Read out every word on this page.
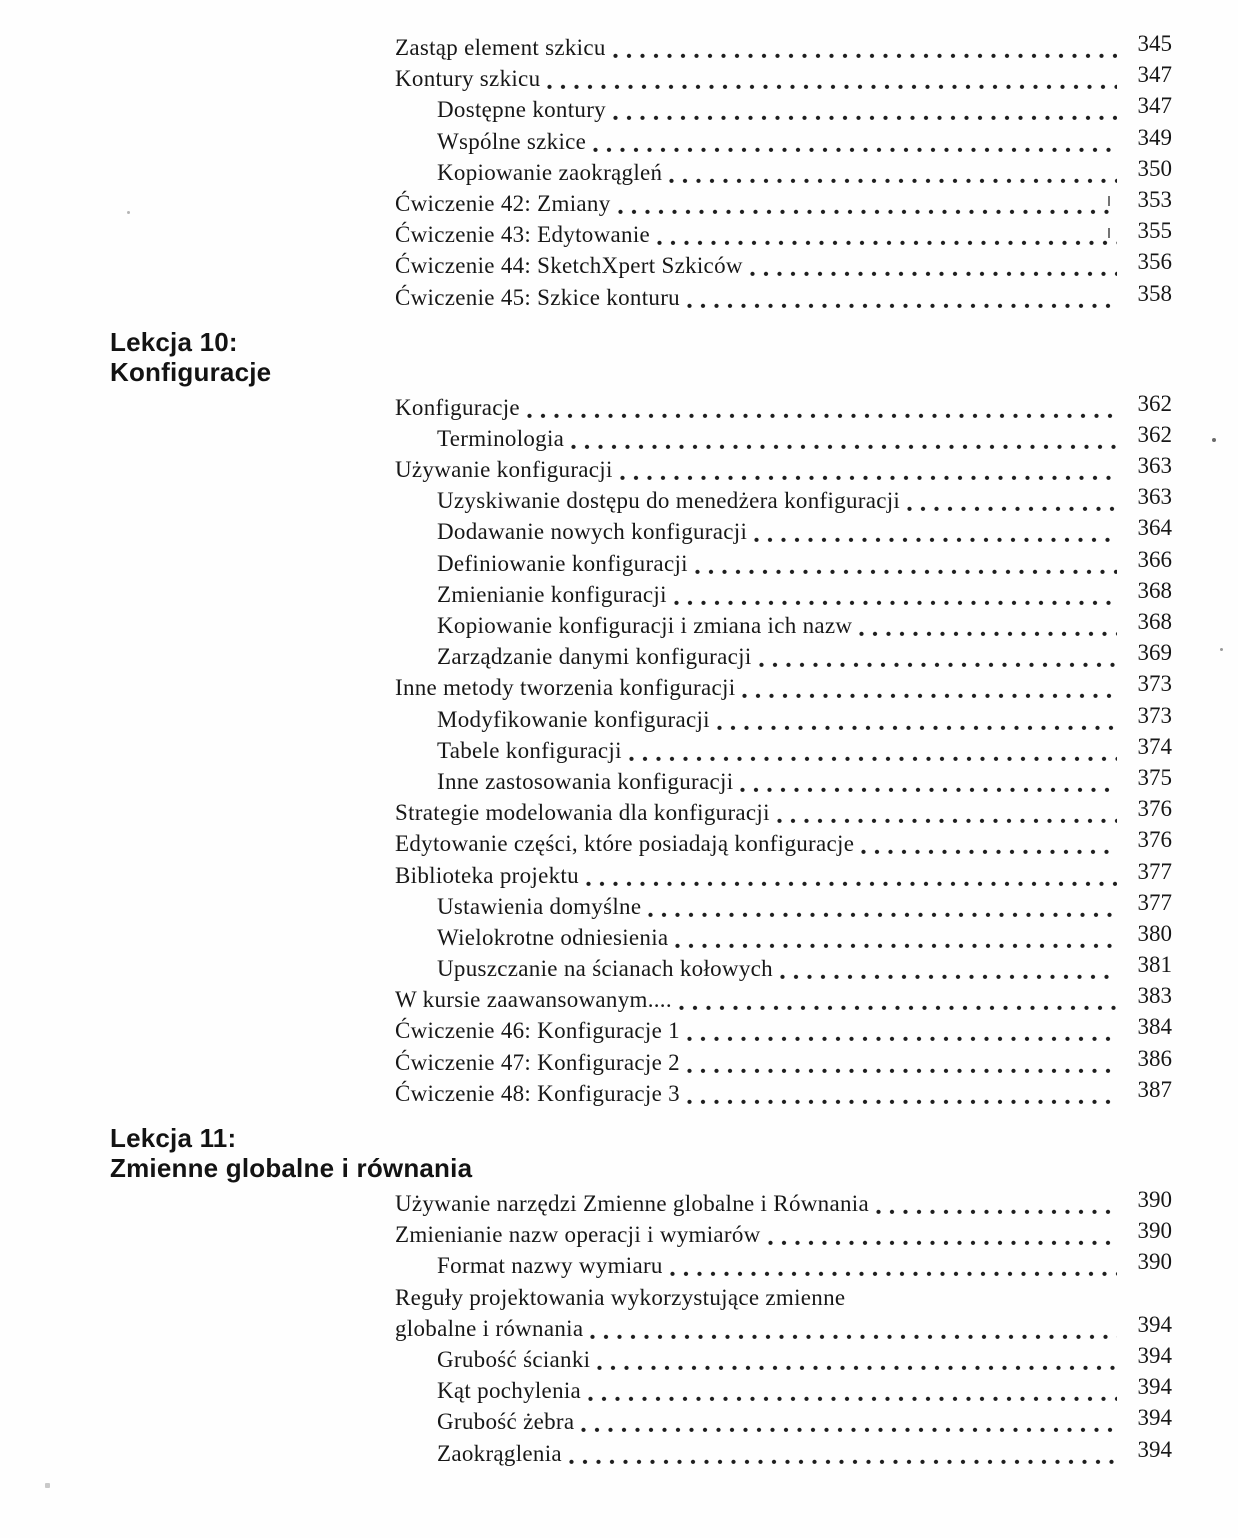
Zastąp element szkicu	345
Kontury szkicu	347
Dostępne kontury	347
Wspólne szkice	349
Kopiowanie zaokrągleń	350
Ćwiczenie 42: Zmiany	353
Ćwiczenie 43: Edytowanie	355
Ćwiczenie 44: SketchXpert Szkiców	356
Ćwiczenie 45: Szkice konturu	358
Lekcja 10:
Konfiguracje
Konfiguracje	362
Terminologia	362
Używanie konfiguracji	363
Uzyskiwanie dostępu do menedżera konfiguracji	363
Dodawanie nowych konfiguracji	364
Definiowanie konfiguracji	366
Zmienianie konfiguracji	368
Kopiowanie konfiguracji i zmiana ich nazw	368
Zarządzanie danymi konfiguracji	369
Inne metody tworzenia konfiguracji	373
Modyfikowanie konfiguracji	373
Tabele konfiguracji	374
Inne zastosowania konfiguracji	375
Strategie modelowania dla konfiguracji	376
Edytowanie części, które posiadają konfiguracje	376
Biblioteka projektu	377
Ustawienia domyślne	377
Wielokrotne odniesienia	380
Upuszczanie na ścianach kołowych	381
W kursie zaawansowanym....	383
Ćwiczenie 46: Konfiguracje 1	384
Ćwiczenie 47: Konfiguracje 2	386
Ćwiczenie 48: Konfiguracje 3	387
Lekcja 11:
Zmienne globalne i równania
Używanie narzędzi Zmienne globalne i Równania	390
Zmienianie nazw operacji i wymiarów	390
Format nazwy wymiaru	390
Reguły projektowania wykorzystujące zmienne
globalne i równania	394
Grubość ścianki	394
Kąt pochylenia	394
Grubość żebra	394
Zaokrąglenia	394
